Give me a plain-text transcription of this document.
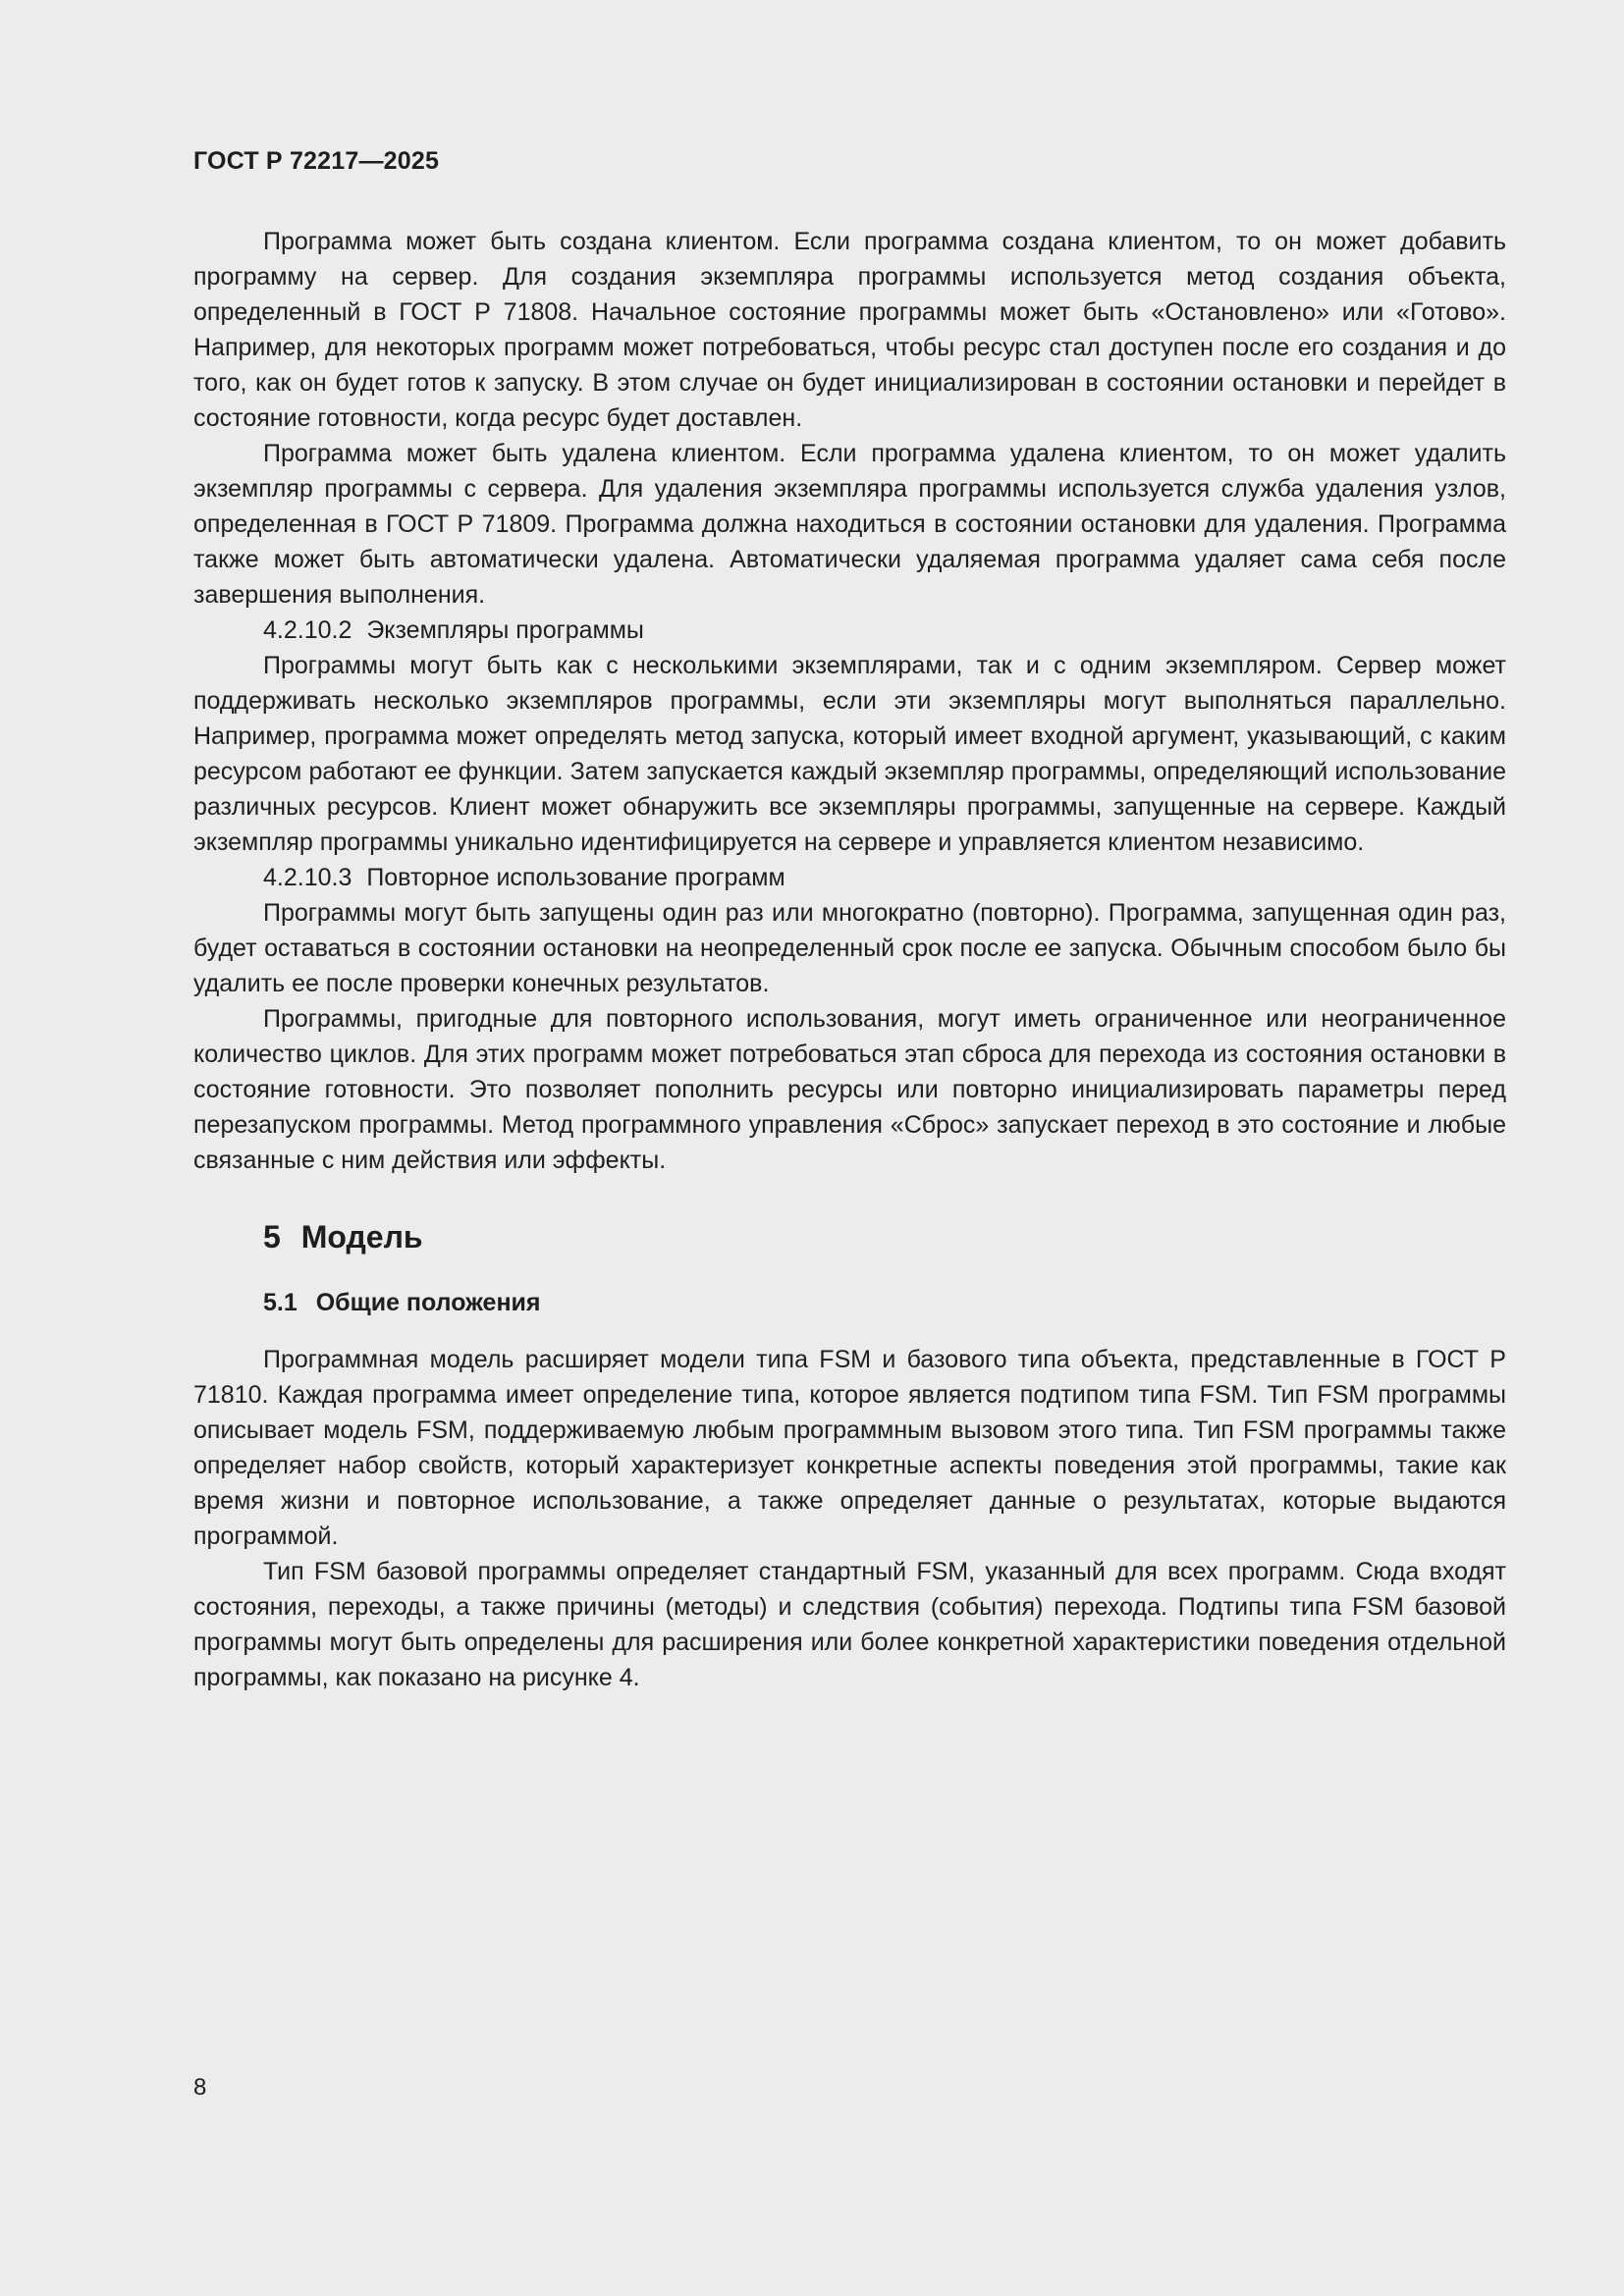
ГОСТ Р 72217—2025

Программа может быть создана клиентом. Если программа создана клиентом, то он может добавить программу на сервер. Для создания экземпляра программы используется метод создания объекта, определенный в ГОСТ Р 71808. Начальное состояние программы может быть «Остановлено» или «Готово». Например, для некоторых программ может потребоваться, чтобы ресурс стал доступен после его создания и до того, как он будет готов к запуску. В этом случае он будет инициализирован в состоянии остановки и перейдет в состояние готовности, когда ресурс будет доставлен.

Программа может быть удалена клиентом. Если программа удалена клиентом, то он может удалить экземпляр программы с сервера. Для удаления экземпляра программы используется служба удаления узлов, определенная в ГОСТ Р 71809. Программа должна находиться в состоянии остановки для удаления. Программа также может быть автоматически удалена. Автоматически удаляемая программа удаляет сама себя после завершения выполнения.

4.2.10.2 Экземпляры программы

Программы могут быть как с несколькими экземплярами, так и с одним экземпляром. Сервер может поддерживать несколько экземпляров программы, если эти экземпляры могут выполняться параллельно. Например, программа может определять метод запуска, который имеет входной аргумент, указывающий, с каким ресурсом работают ее функции. Затем запускается каждый экземпляр программы, определяющий использование различных ресурсов. Клиент может обнаружить все экземпляры программы, запущенные на сервере. Каждый экземпляр программы уникально идентифицируется на сервере и управляется клиентом независимо.

4.2.10.3 Повторное использование программ

Программы могут быть запущены один раз или многократно (повторно). Программа, запущенная один раз, будет оставаться в состоянии остановки на неопределенный срок после ее запуска. Обычным способом было бы удалить ее после проверки конечных результатов.

Программы, пригодные для повторного использования, могут иметь ограниченное или неограниченное количество циклов. Для этих программ может потребоваться этап сброса для перехода из состояния остановки в состояние готовности. Это позволяет пополнить ресурсы или повторно инициализировать параметры перед перезапуском программы. Метод программного управления «Сброс» запускает переход в это состояние и любые связанные с ним действия или эффекты.

5 Модель
5.1 Общие положения

Программная модель расширяет модели типа FSM и базового типа объекта, представленные в ГОСТ Р 71810. Каждая программа имеет определение типа, которое является подтипом типа FSM. Тип FSM программы описывает модель FSM, поддерживаемую любым программным вызовом этого типа. Тип FSM программы также определяет набор свойств, который характеризует конкретные аспекты поведения этой программы, такие как время жизни и повторное использование, а также определяет данные о результатах, которые выдаются программой.

Тип FSM базовой программы определяет стандартный FSM, указанный для всех программ. Сюда входят состояния, переходы, а также причины (методы) и следствия (события) перехода. Подтипы типа FSM базовой программы могут быть определены для расширения или более конкретной характеристики поведения отдельной программы, как показано на рисунке 4.

8
